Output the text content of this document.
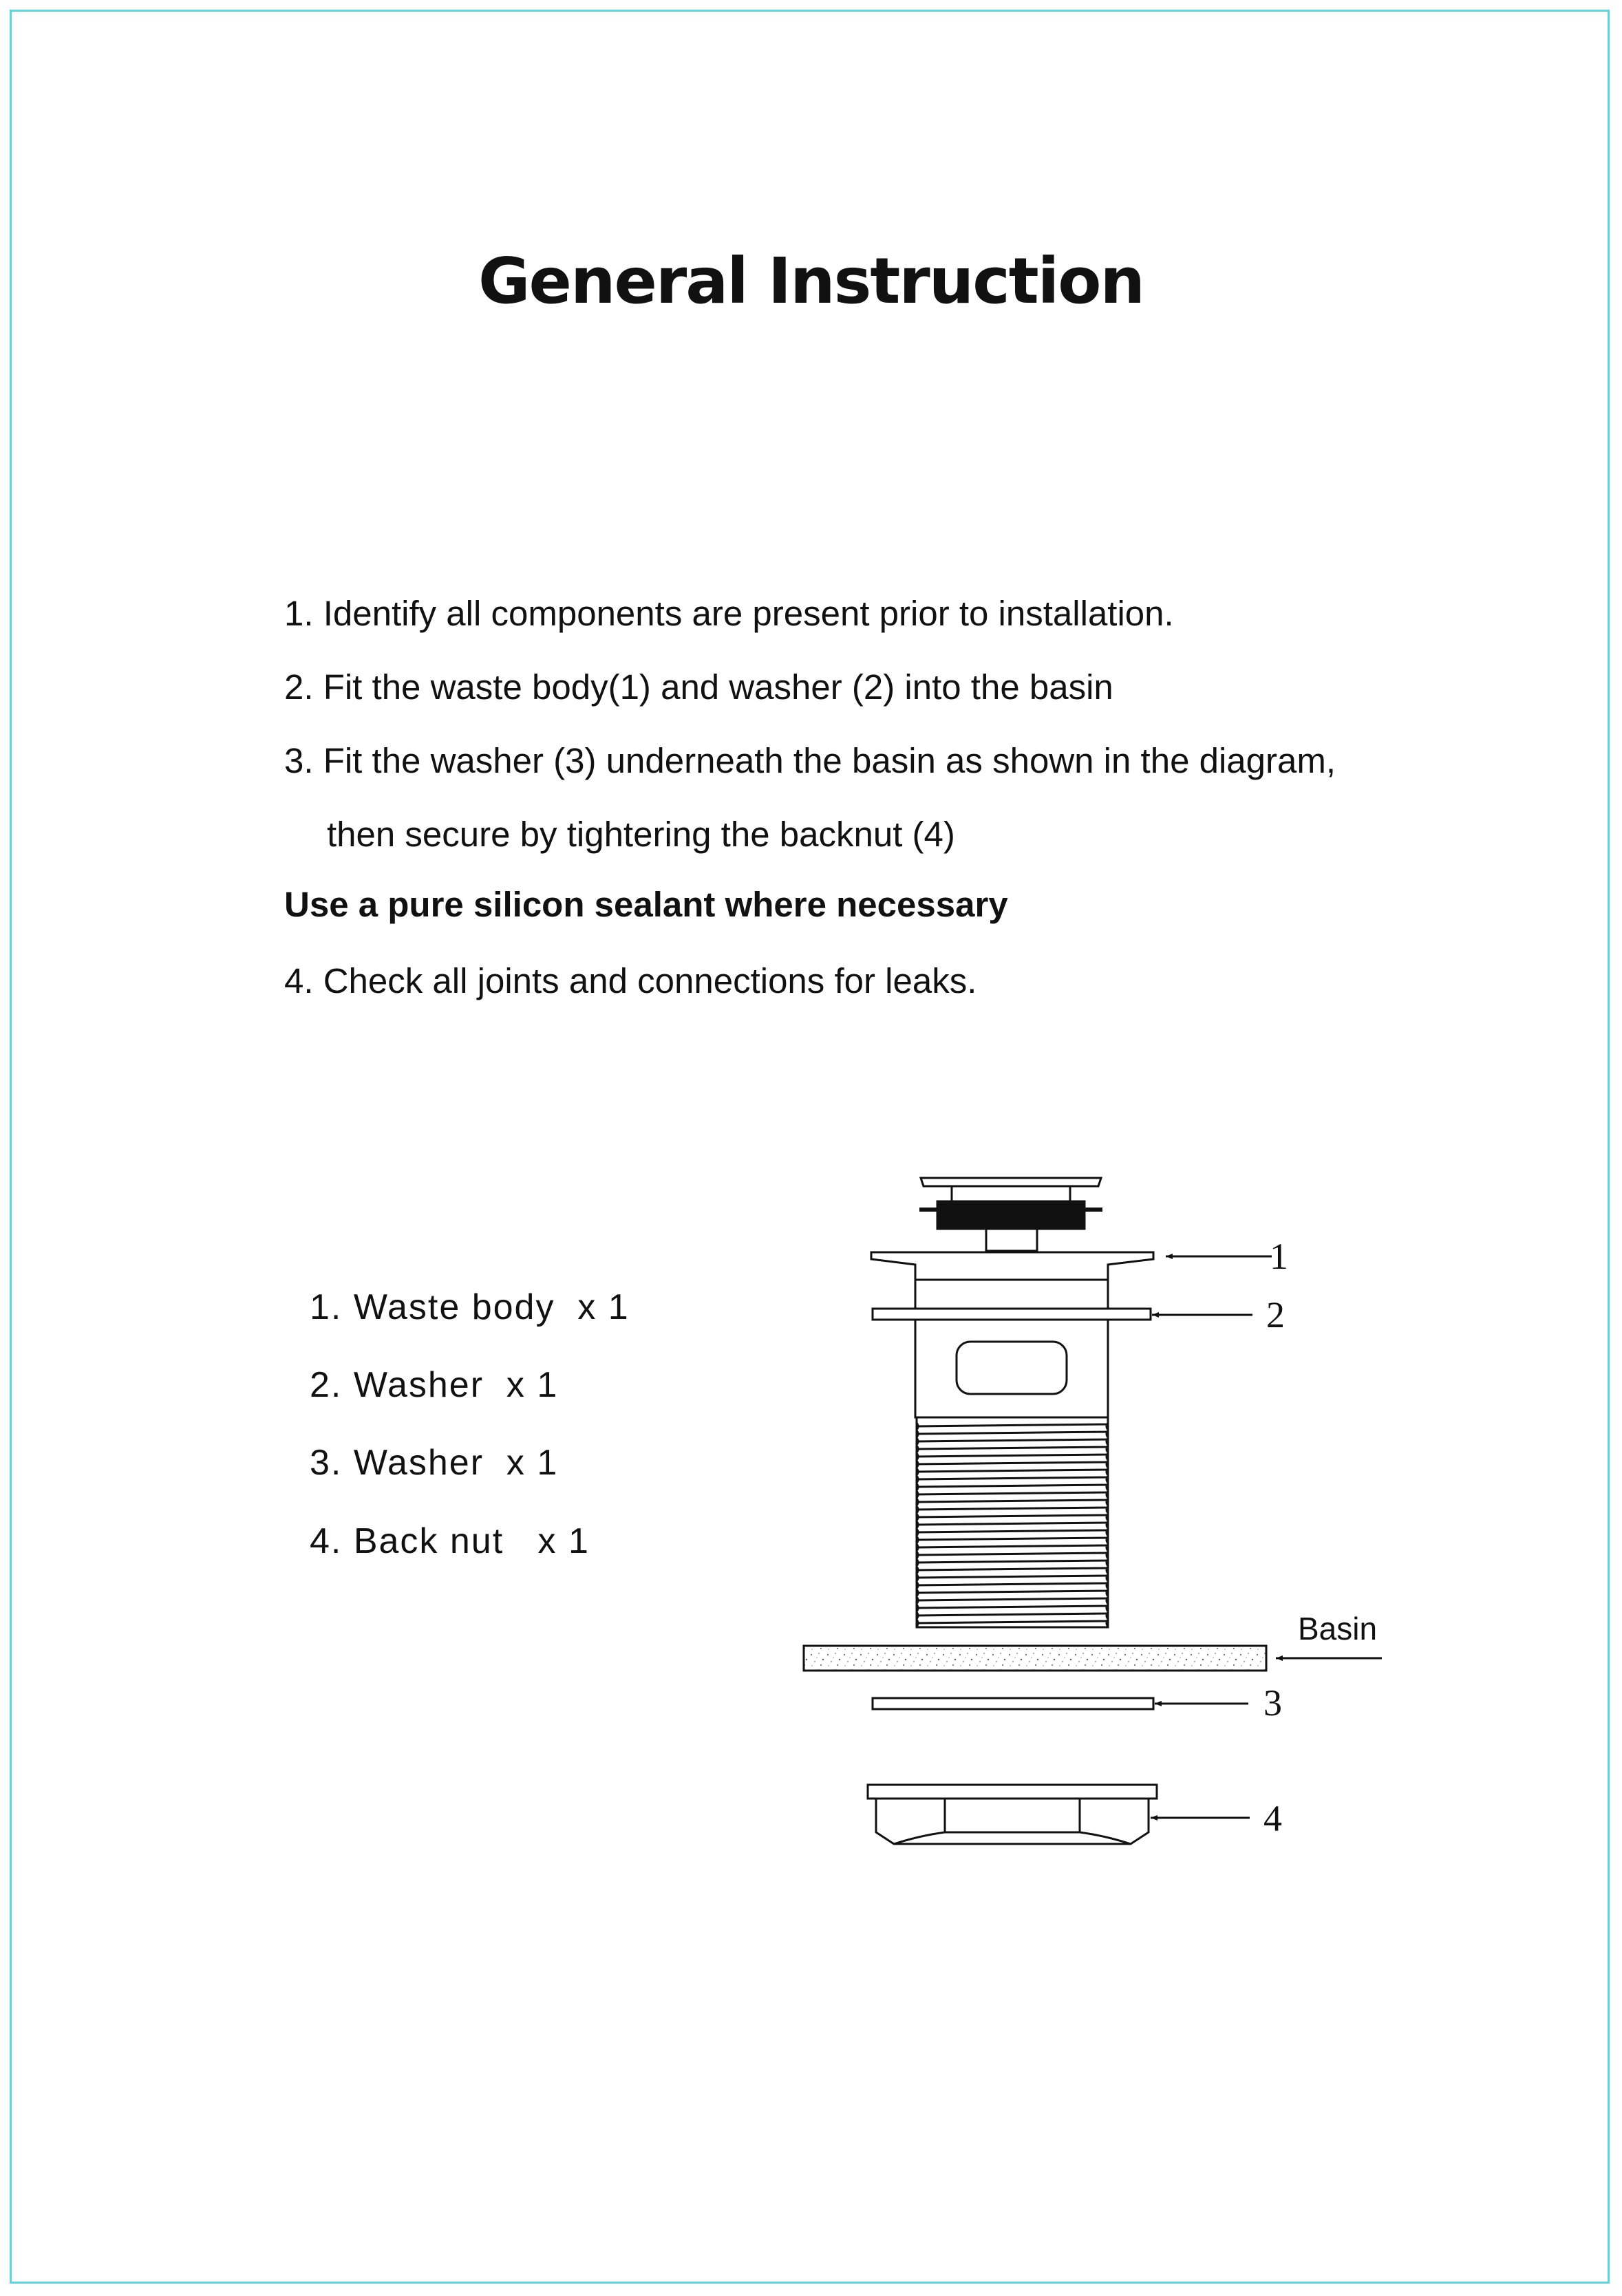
General Instruction

1. Identify all components are present prior to installation.

2. Fit the waste body(1) and washer (2) into the basin

3. Fit the washer (3) underneath the basin as shown in the diagram,

then secure by tightering the backnut (4)

Use a pure silicon sealant where necessary

4. Check all joints and connections for leaks.

1. Waste body  x 1

2. Washer  x 1

3. Washer  x 1

4. Back nut   x 1

1

2

3

4

Basin
